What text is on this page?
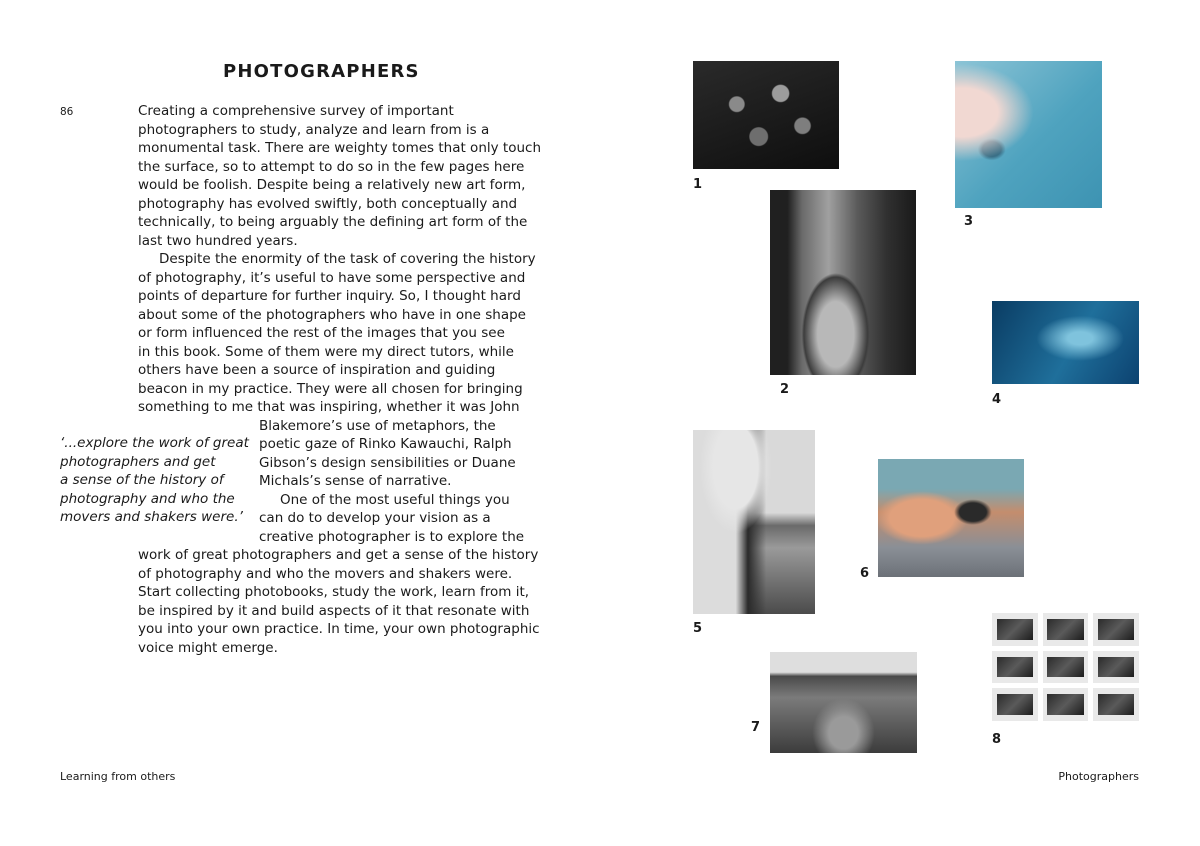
PHOTOGRAPHERS
86	Creating a comprehensive survey of important

photographers to study, analyze and learn from is a

monumental task. There are weighty tomes that only touch

the surface, so to attempt to do so in the few pages here

would be foolish. Despite being a relatively new art form,

photography has evolved swiftly, both conceptually and

technically, to being arguably the defining art form of the

last two hundred years.

Despite the enormity of the task of covering the history

of photography, it’s useful to have some perspective and

points of departure for further inquiry. So, I thought hard

about some of the photographers who have in one shape

or form influenced the rest of the images that you see

in this book. Some of them were my direct tutors, while

others have been a source of inspiration and guiding

beacon in my practice. They were all chosen for bringing

something to me that was inspiring, whether it was John

Blakemore’s use of metaphors, the

poetic gaze of Rinko Kawauchi, Ralph

Gibson’s design sensibilities or Duane

Michals’s sense of narrative.

One of the most useful things you

can do to develop your vision as a

creative photographer is to explore the

work of great photographers and get a sense of the history

of photography and who the movers and shakers were.

Start collecting photobooks, study the work, learn from it,

be inspired by it and build aspects of it that resonate with

you into your own practice. In time, your own photographic

voice might emerge.

‘...explore the work of great
photographers and get
a sense of the history of
photography and who the
movers and shakers were.’
Learning from others
1
2
3
4
5
6
7
8
Photographers
